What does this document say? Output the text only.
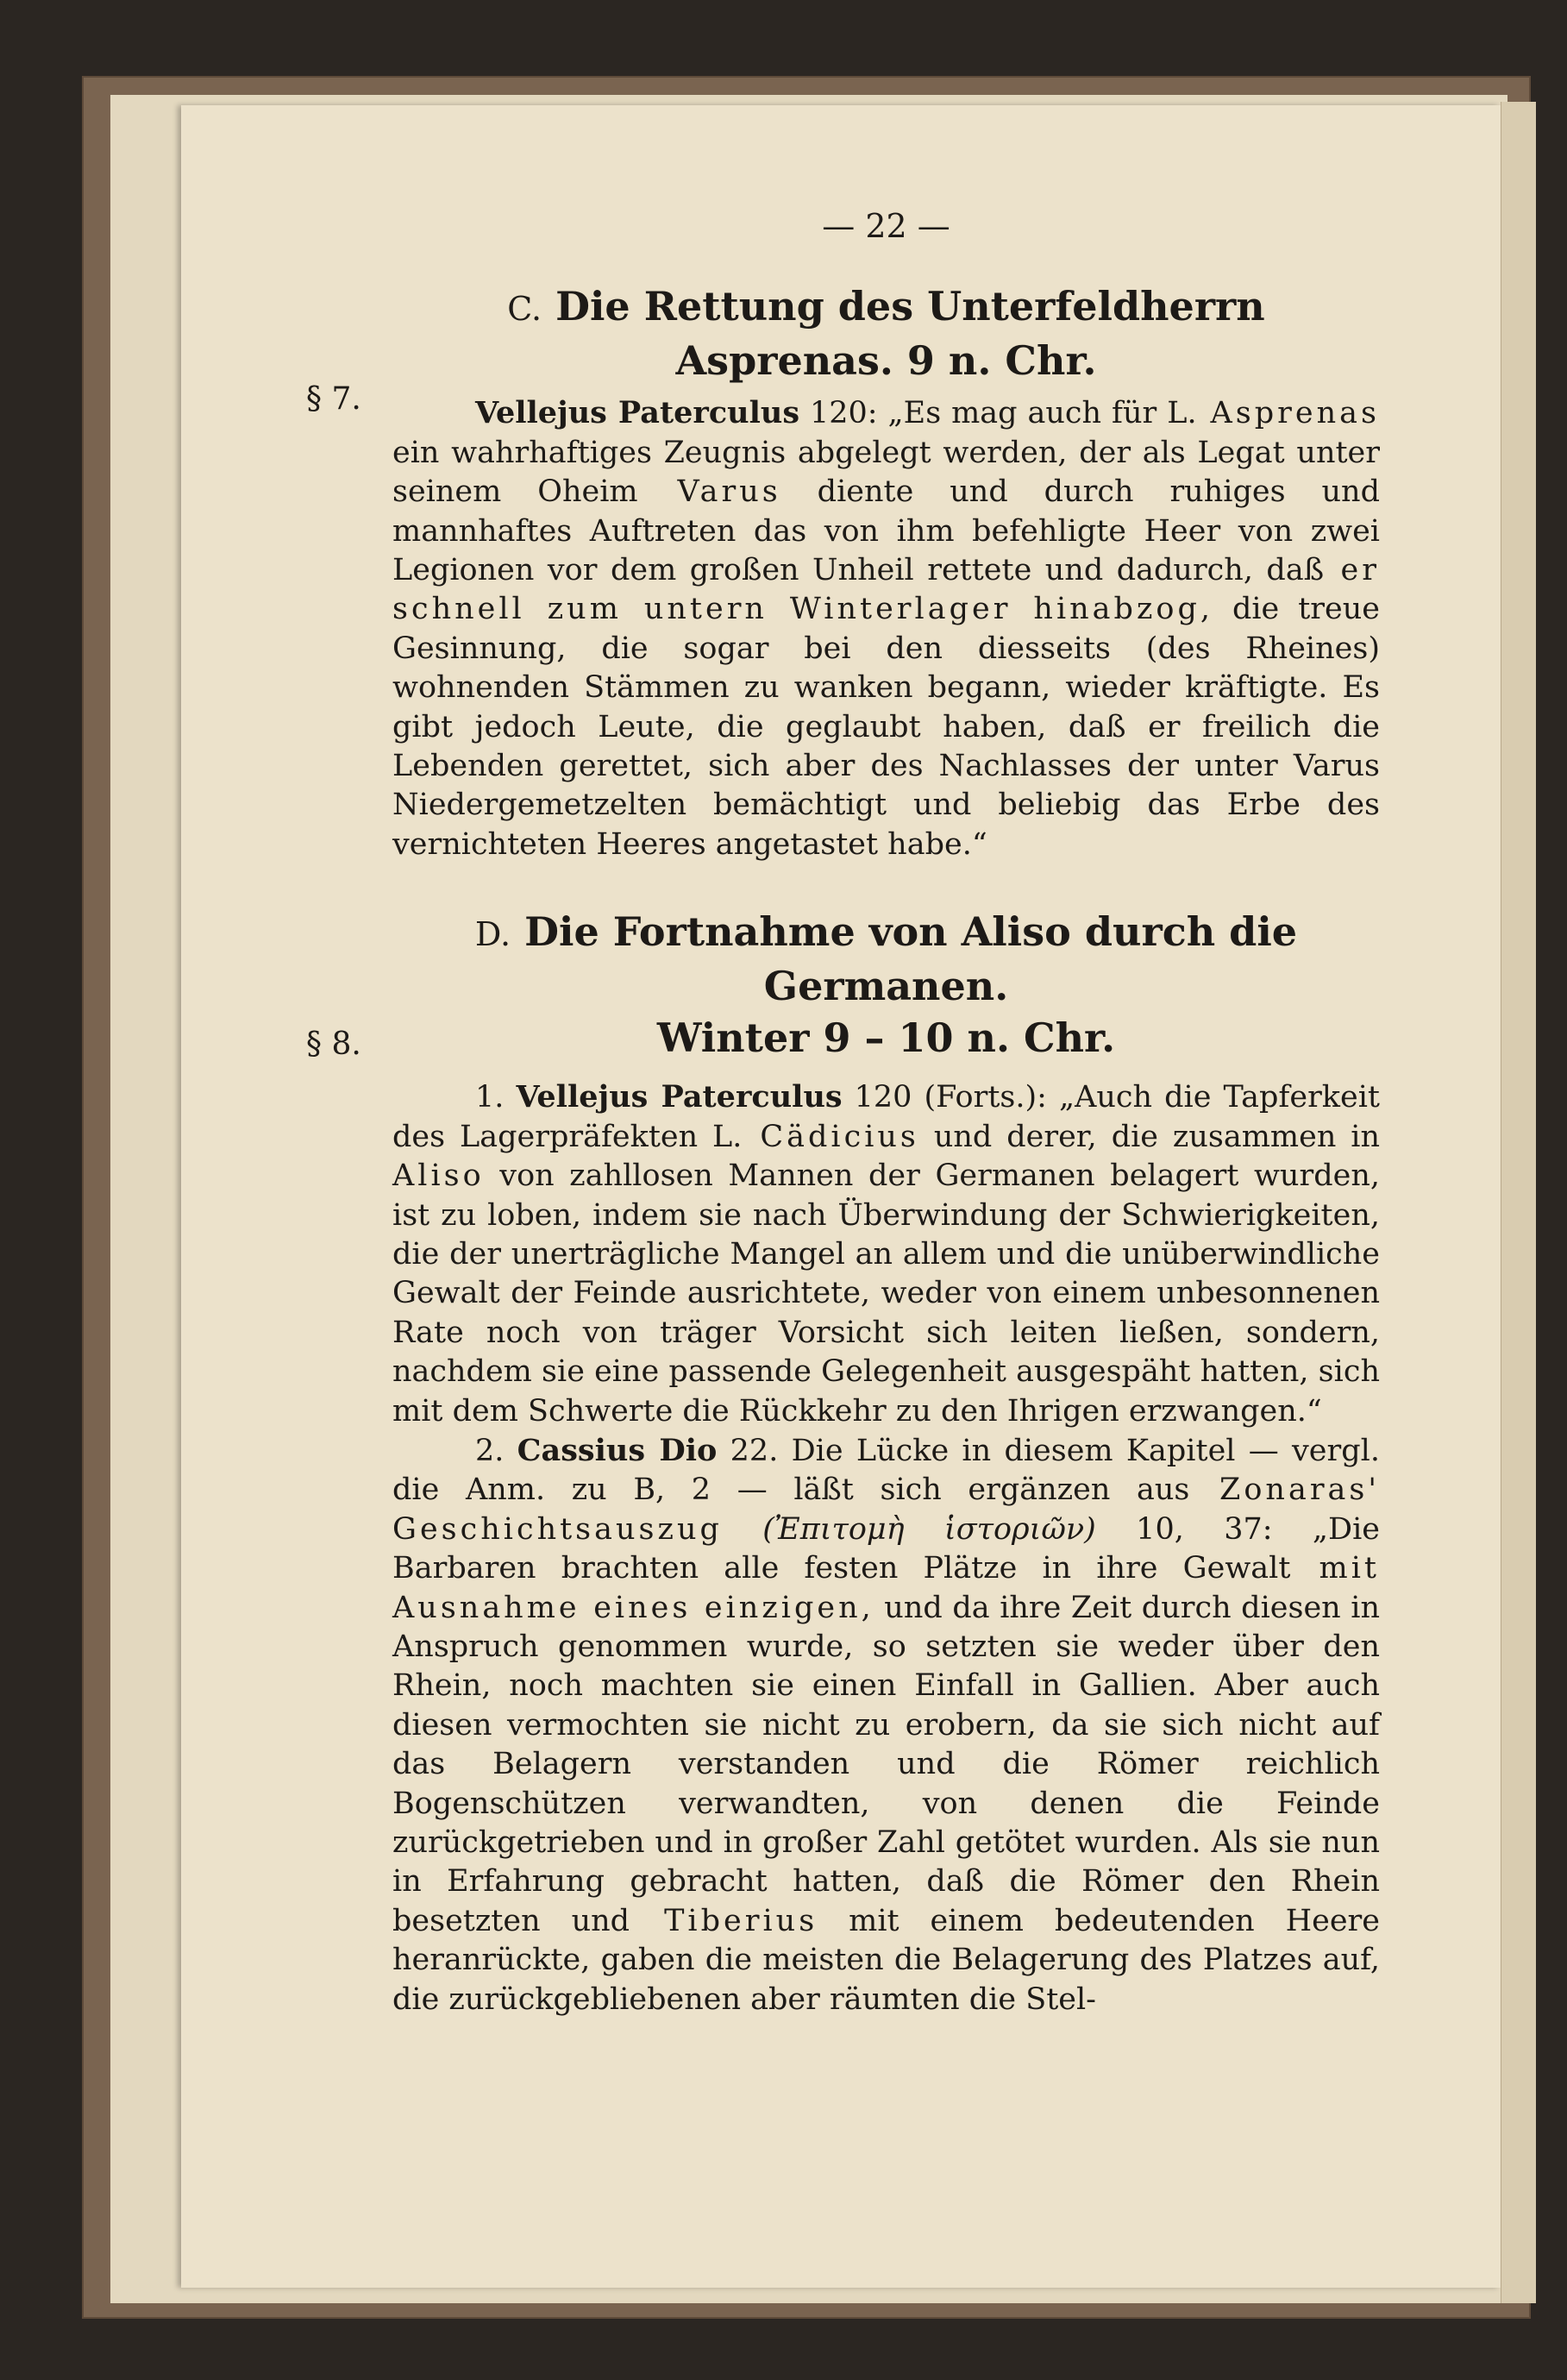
§ 7.
§ 8.
— 22 —
C. Die Rettung des Unterfeldherrn Asprenas. 9 n. Chr.

Vellejus Paterculus 120: „Es mag auch für L. Asprenas ein wahrhaftiges Zeugnis abgelegt werden, der als Legat unter seinem Oheim Varus diente und durch ruhiges und mannhaftes Auftreten das von ihm befehligte Heer von zwei Legionen vor dem großen Unheil rettete und dadurch, daß er schnell zum untern Winterlager hinabzog, die treue Gesinnung, die sogar bei den diesseits (des Rheines) wohnenden Stämmen zu wanken begann, wieder kräftigte. Es gibt jedoch Leute, die geglaubt haben, daß er freilich die Lebenden gerettet, sich aber des Nachlasses der unter Varus Niedergemetzelten bemächtigt und beliebig das Erbe des vernichteten Heeres angetastet habe.“

D. Die Fortnahme von Aliso durch die Germanen.
Winter 9 – 10 n. Chr.

1. Vellejus Paterculus 120 (Forts.): „Auch die Tapferkeit des Lagerpräfekten L. Cädicius und derer, die zusammen in Aliso von zahllosen Mannen der Germanen belagert wurden, ist zu loben, indem sie nach Überwindung der Schwierigkeiten, die der unerträgliche Mangel an allem und die unüberwindliche Gewalt der Feinde ausrichtete, weder von einem unbesonnenen Rate noch von träger Vorsicht sich leiten ließen, sondern, nachdem sie eine passende Gelegenheit ausgespäht hatten, sich mit dem Schwerte die Rückkehr zu den Ihrigen erzwangen.“

2. Cassius Dio 22. Die Lücke in diesem Kapitel — vergl. die Anm. zu B, 2 — läßt sich ergänzen aus Zonaras' Geschichtsauszug (Ἐπιτομὴ ἱστοριῶν) 10, 37: „Die Barbaren brachten alle festen Plätze in ihre Gewalt mit Ausnahme eines einzigen, und da ihre Zeit durch diesen in Anspruch genommen wurde, so setzten sie weder über den Rhein, noch machten sie einen Einfall in Gallien. Aber auch diesen vermochten sie nicht zu erobern, da sie sich nicht auf das Belagern verstanden und die Römer reichlich Bogenschützen verwandten, von denen die Feinde zurückgetrieben und in großer Zahl getötet wurden. Als sie nun in Erfahrung gebracht hatten, daß die Römer den Rhein besetzten und Tiberius mit einem bedeutenden Heere heranrückte, gaben die meisten die Belagerung des Platzes auf, die zurückgebliebenen aber räumten die Stel-
